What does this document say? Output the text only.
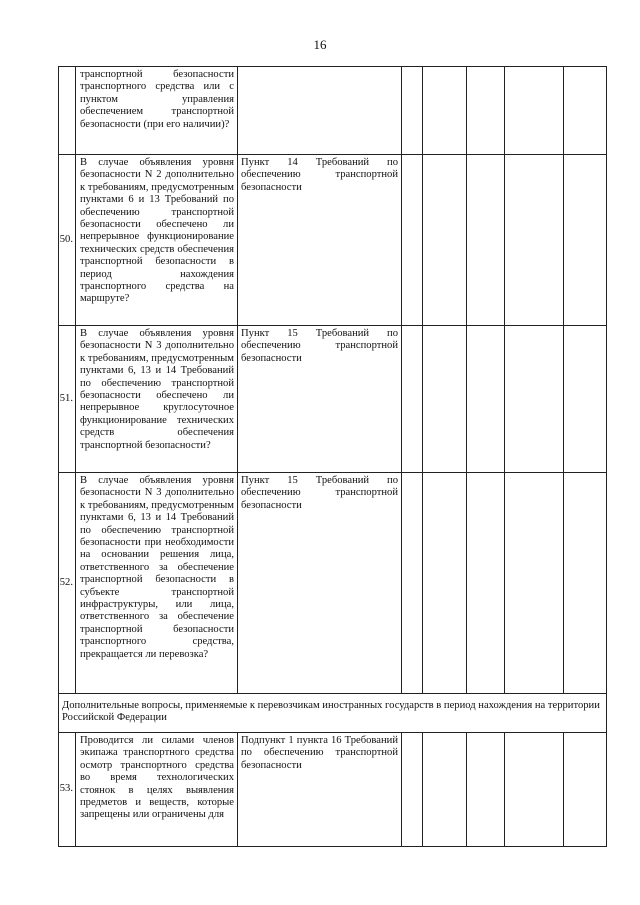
16
	транспортной безопасности транспортного средства или с пунктом управления обеспечением транспортной безопасности (при его наличии)?						
50.	В случае объявления уровня безопасности N 2 дополнительно к требованиям, предусмотренным пунктами 6 и 13 Требований по обеспечению транспортной безопасности обеспечено ли непрерывное функционирование технических средств обеспечения транспортной безопасности в период нахождения транспортного средства на маршруте?	Пункт 14 Требований по обеспечению транспортной безопасности					
51.	В случае объявления уровня безопасности N 3 дополнительно к требованиям, предусмотренным пунктами 6, 13 и 14 Требований по обеспечению транспортной безопасности обеспечено ли непрерывное круглосуточное функционирование технических средств обеспечения транспортной безопасности?	Пункт 15 Требований по обеспечению транспортной безопасности					
52.	В случае объявления уровня безопасности N 3 дополнительно к требованиям, предусмотренным пунктами 6, 13 и 14 Требований по обеспечению транспортной безопасности при необходимости на основании решения лица, ответственного за обеспечение транспортной безопасности в субъекте транспортной инфраструктуры, или лица, ответственного за обеспечение транспортной безопасности транспортного средства, прекращается ли перевозка?	Пункт 15 Требований по обеспечению транспортной безопасности					
Дополнительные вопросы, применяемые к перевозчикам иностранных государств в период нахождения на территории Российской Федерации							
53.	Проводится ли силами членов экипажа транспортного средства осмотр транспортного средства во время технологических стоянок в целях выявления предметов и веществ, которые запрещены или ограничены для	Подпункт 1 пункта 16 Требований по обеспечению транспортной безопасности					
